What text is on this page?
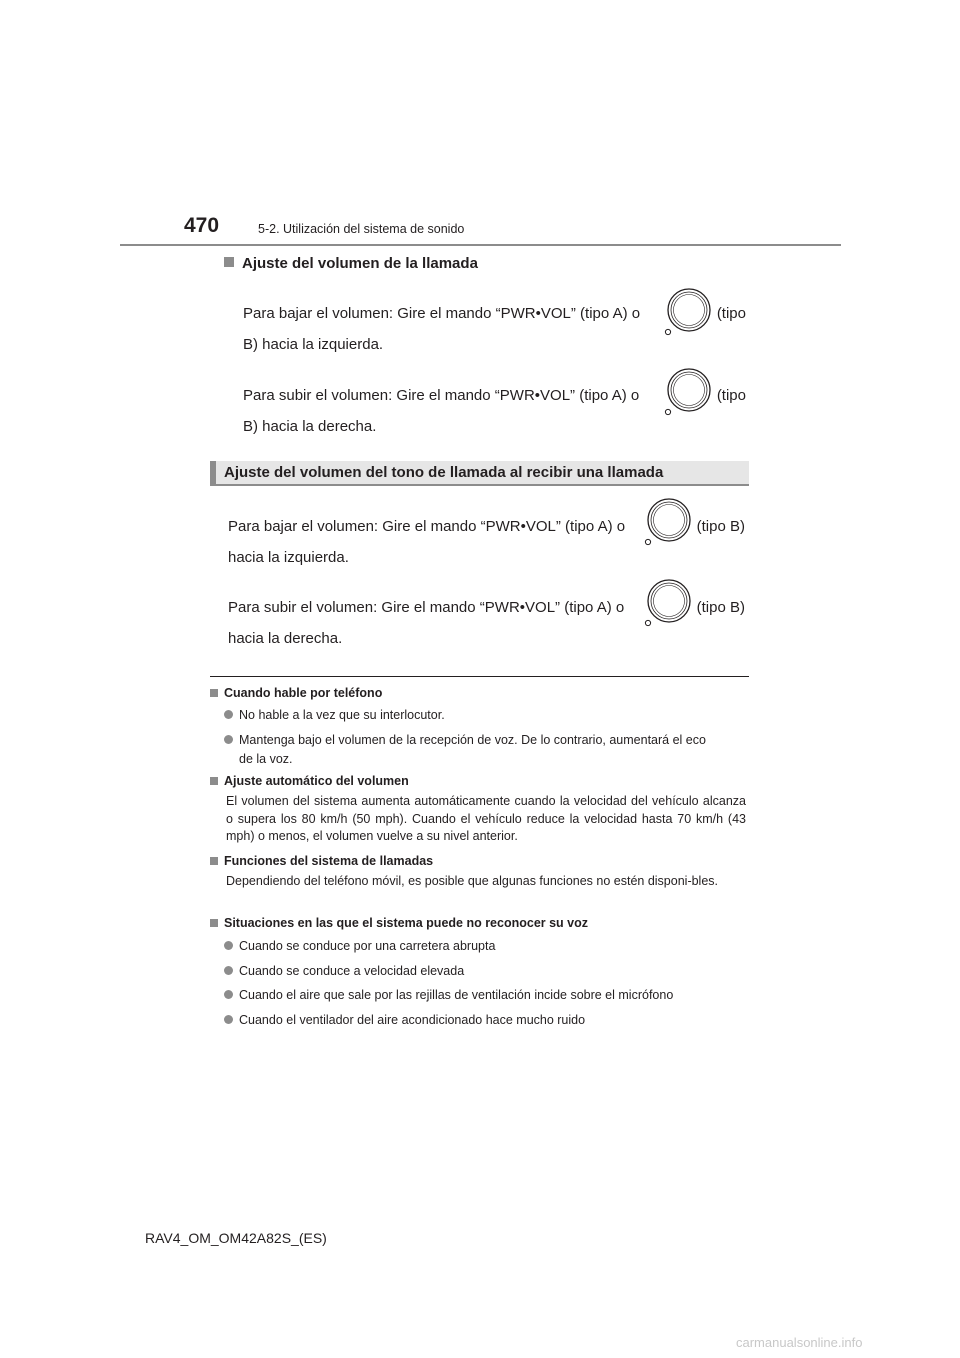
470	5-2. Utilización del sistema de sonido
Ajuste del volumen de la llamada
Para bajar el volumen: Gire el mando “PWR•VOL” (tipo A) o	(tipo
B) hacia la izquierda.
Para subir el volumen: Gire el mando “PWR•VOL” (tipo A) o	(tipo
B) hacia la derecha.
Ajuste del volumen del tono de llamada al recibir una llamada
Para bajar el volumen: Gire el mando “PWR•VOL” (tipo A) o	(tipo B)
hacia la izquierda.
Para subir el volumen: Gire el mando “PWR•VOL” (tipo A) o	(tipo B)
hacia la derecha.
Cuando hable por teléfono
No hable a la vez que su interlocutor.
Mantenga bajo el volumen de la recepción de voz. De lo contrario, aumentará el eco
de la voz.
Ajuste automático del volumen
El volumen del sistema aumenta automáticamente cuando la velocidad del vehículo alcanza o supera los 80 km/h (50 mph). Cuando el vehículo reduce la velocidad hasta 70 km/h (43 mph) o menos, el volumen vuelve a su nivel anterior.
Funciones del sistema de llamadas
Dependiendo del teléfono móvil, es posible que algunas funciones no estén disponi-bles.
Situaciones en las que el sistema puede no reconocer su voz
Cuando se conduce por una carretera abrupta
Cuando se conduce a velocidad elevada
Cuando el aire que sale por las rejillas de ventilación incide sobre el micrófono
Cuando el ventilador del aire acondicionado hace mucho ruido
RAV4_OM_OM42A82S_(ES)
carmanualsonline.info
